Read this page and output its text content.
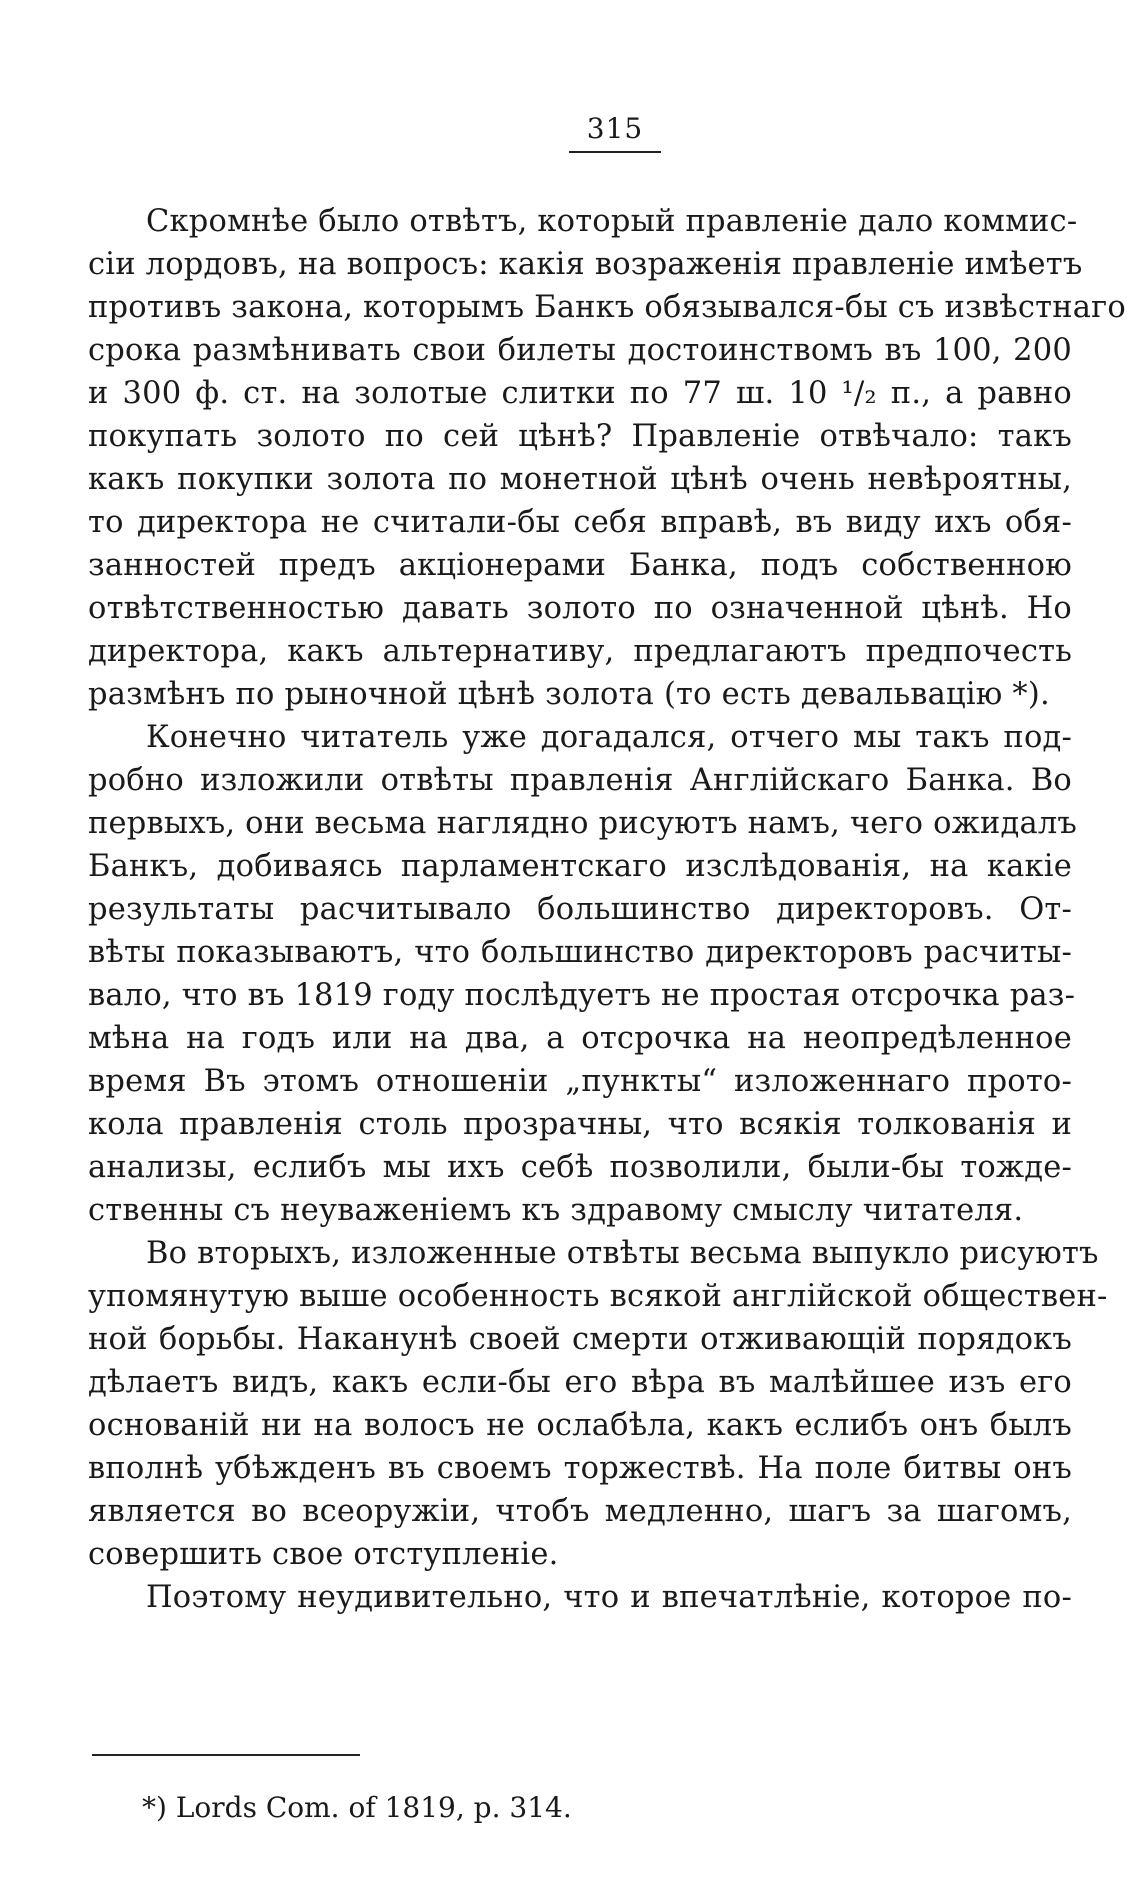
315
Скромнѣе было отвѣтъ, который правленіе дало коммис-
сіи лордовъ, на вопросъ: какія возраженія правленіе имѣетъ
противъ закона, которымъ Банкъ обязывался-бы съ извѣстнаго
срока размѣнивать свои билеты достоинствомъ въ 100, 200
и 300 ф. ст. на золотые слитки по 77 ш. 10 ¹/₂ п., а равно
покупать золото по сей цѣнѣ? Правленіе отвѣчало: такъ
какъ покупки золота по монетной цѣнѣ очень невѣроятны,
то директора не считали-бы себя вправѣ, въ виду ихъ обя-
занностей предъ акціонерами Банка, подъ собственною
отвѣтственностью давать золото по означенной цѣнѣ. Но
директора, какъ альтернативу, предлагаютъ предпочесть
размѣнъ по рыночной цѣнѣ золота (то есть девальвацію *).
Конечно читатель уже догадался, отчего мы такъ под-
робно изложили отвѣты правленія Англійскаго Банка. Во
первыхъ, они весьма наглядно рисуютъ намъ, чего ожидалъ
Банкъ, добиваясь парламентскаго изслѣдованія, на какіе
результаты расчитывало большинство директоровъ. От-
вѣты показываютъ, что большинство директоровъ расчиты-
вало, что въ 1819 году послѣдуетъ не простая отсрочка раз-
мѣна на годъ или на два, а отсрочка на неопредѣленное
время Въ этомъ отношеніи „пункты“ изложеннаго прото-
кола правленія столь прозрачны, что всякія толкованія и
анализы, еслибъ мы ихъ себѣ позволили, были-бы тожде-
ственны съ неуваженіемъ къ здравому смыслу читателя.
Во вторыхъ, изложенные отвѣты весьма выпукло рисуютъ
упомянутую выше особенность всякой англійской обществен-
ной борьбы. Наканунѣ своей смерти отживающій порядокъ
дѣлаетъ видъ, какъ если-бы его вѣра въ малѣйшее изъ его
основаній ни на волосъ не ослабѣла, какъ еслибъ онъ былъ
вполнѣ убѣжденъ въ своемъ торжествѣ. На поле битвы онъ
является во всеоружіи, чтобъ медленно, шагъ за шагомъ,
совершить свое отступленіе.
Поэтому неудивительно, что и впечатлѣніе, которое по-
*) Lords Com. of 1819, p. 314.
